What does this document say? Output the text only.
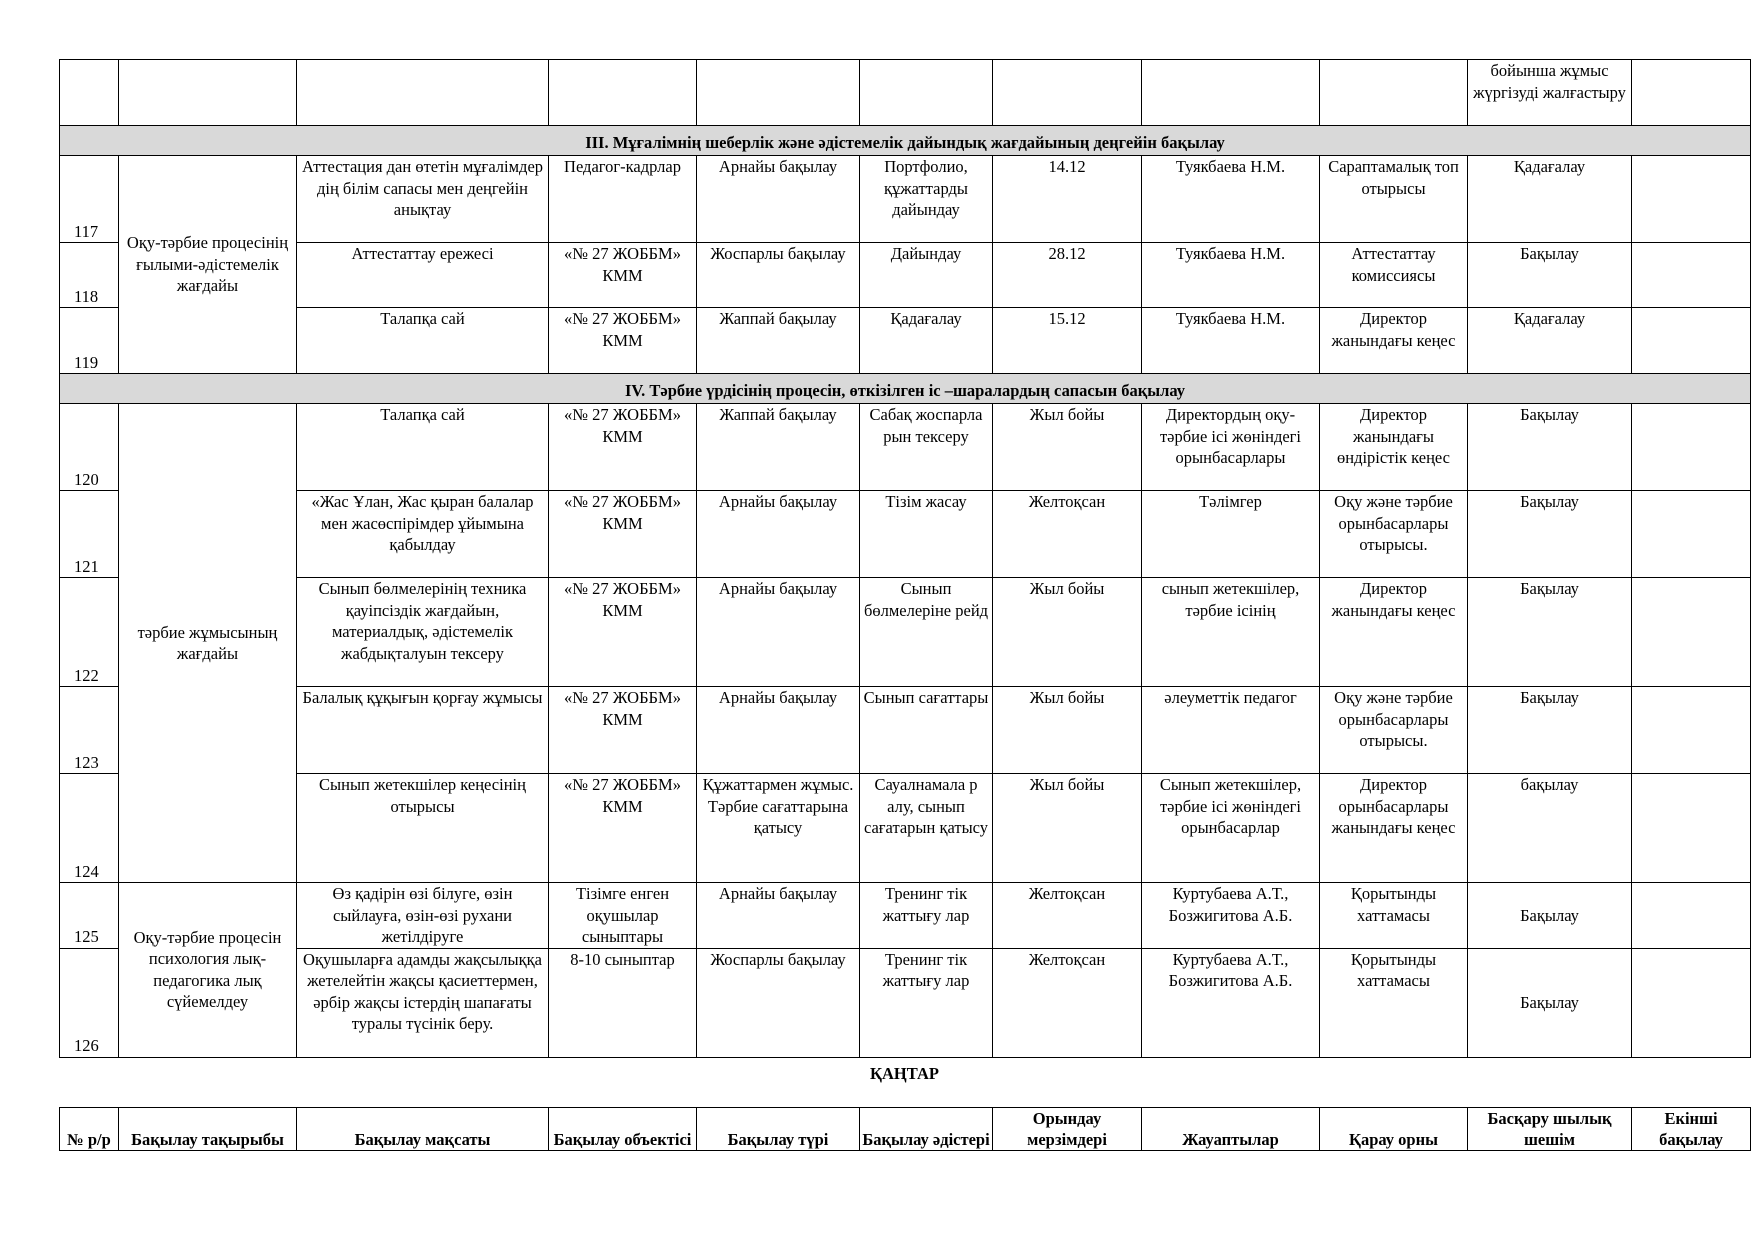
									бойынша жұмыс жүргізуді жалғастыру	
ІІІ. Мұғалімнің шеберлік және әдістемелік дайындық жағдайының деңгейін бақылау										
117	Оқу-тәрбие процесінің ғылыми-әдістемелік жағдайы	Аттестация дан өтетін мұғалімдер дің білім сапасы мен деңгейін анықтау	Педагог-кадрлар	Арнайы бақылау	Портфолио, құжаттарды дайындау	14.12	Туякбаева Н.М.	Сараптамалық топ отырысы	Қадағалау	
118		Аттестаттау ережесі	«№ 27 ЖОББМ» КММ	Жоспарлы бақылау	Дайындау	28.12	Туякбаева Н.М.	Аттестаттау комиссиясы	Бақылау	
119		Талапқа сай	«№ 27 ЖОББМ» КММ	Жаппай бақылау	Қадағалау	15.12	Туякбаева Н.М.	Директор жанындағы кеңес	Қадағалау	
ІV. Тәрбие үрдісінің процесін, өткізілген іс –шаралардың сапасын бақылау										
120	тәрбие жұмысының жағдайы	Талапқа сай	«№ 27 ЖОББМ» КММ	Жаппай бақылау	Сабақ жоспарла рын тексеру	Жыл бойы	Директордың оқу-тәрбие ісі жөніндегі орынбасарлары	Директор жанындағы өндірістік кеңес	Бақылау	
121		«Жас Ұлан, Жас қыран балалар мен жасөспірімдер ұйымына қабылдау	«№ 27 ЖОББМ» КММ	Арнайы бақылау	Тізім жасау	Желтоқсан	Тәлімгер	Оқу және тәрбие орынбасарлары отырысы.	Бақылау	
122		Сынып бөлмелерінің техника қауіпсіздік жағдайын, материалдық, әдістемелік жабдықталуын тексеру	«№ 27 ЖОББМ» КММ	Арнайы бақылау	Сынып бөлмелеріне рейд	Жыл бойы	сынып жетекшілер, тәрбие ісінің	Директор жанындағы кеңес	Бақылау	
123		Балалық құқығын қорғау жұмысы	«№ 27 ЖОББМ» КММ	Арнайы бақылау	Сынып сағаттары	Жыл бойы	әлеуметтік педагог	Оқу және тәрбие орынбасарлары отырысы.	Бақылау	
124		Сынып жетекшілер кеңесінің отырысы	«№ 27 ЖОББМ» КММ	Құжаттармен жұмыс. Тәрбие сағаттарына қатысу	Сауалнамала р алу, сынып сағатарын қатысу	Жыл бойы	Сынып жетекшілер, тәрбие ісі жөніндегі орынбасарлар	Директор орынбасарлары жанындағы кеңес	бақылау	
125	Оқу-тәрбие процесін психология лық-педагогика лық сүйемелдеу	Өз қадірін өзі білуге, өзін сыйлауға, өзін-өзі рухани жетілдіруге	Тізімге енген оқушылар сыныптары	Арнайы бақылау	Тренинг тік жаттығу лар	Желтоқсан	Куртубаева А.Т., Бозжигитова А.Б.	Қорытынды хаттамасы	Бақылау	
126		Оқушыларға адамды жақсылыққа жетелейтін жақсы қасиеттермен, әрбір жақсы істердің шапағаты туралы түсінік беру.	8-10 сыныптар	Жоспарлы бақылау	Тренинг тік жаттығу лар	Желтоқсан	Куртубаева А.Т., Бозжигитова А.Б.	Қорытынды хаттамасы	Бақылау	
ҚАҢТАР
№ р/р	Бақылау тақырыбы	Бақылау мақсаты	Бақылау объектісі	Бақылау түрі	Бақылау әдістері	Орындау мерзімдері	Жауаптылар	Қарау орны	Басқару шылық шешім	Екінші бақылау
